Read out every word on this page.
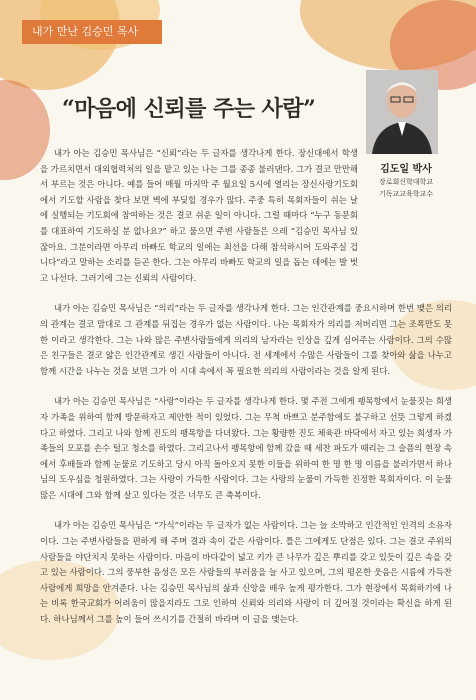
내가 만난 김승민 목사
“마음에 신뢰를 주는 사람”
김도일 박사
장로회신학대학교
기독교교육학교수

내가 아는 김승민 목사님은 “신뢰”라는 두 글자를 생각나게 한다. 장신대에서 학생을 가르치면서 대외협력처의 일을 맡고 있는 나는 그를 종종 불러댄다. 그가 결코 만만해서 부르는 것은 아니다. 예를 들어 매월 마지막 주 월요일 5시에 열리는 장신사랑기도회에서 기도할 사람을 찾다 보면 벽에 부딪힐 경우가 많다. 주중 특히 목회자들이 쉬는 날에 실행되는 기도회에 참여하는 것은 결코 쉬운 일이 아니다. 그럴 때마다 “누구 동문회를 대표하여 기도하실 분 없나요?” 하고 물으면 주변 사람들은 으레 “김승민 목사님 있잖아요. 그분이라면 아무리 바빠도 학교의 일에는 최선을 다해 참석하시어 도와주실 겁니다”라고 말하는 소리를 듣곤 한다. 그는 아무리 바빠도 학교의 일을 돕는 데에는 발 벗고 나선다. 그러기에 그는 신뢰의 사람이다.

내가 아는 김승민 목사님은 “의리”라는 두 글자를 생각나게 한다. 그는 인간관계를 중요시하며 한번 맺은 의리의 관계는 결코 맘대로 그 관계를 뒤집는 경우가 없는 사람이다. 나는 목회자가 의리를 저버리면 그는 조폭만도 못한 이라고 생각한다. 그는 나와 많은 주변사람들에게 의리의 남자라는 인상을 깊게 심어주는 사람이다. 그의 수많은 친구들은 결코 얇은 인간관계로 생긴 사람들이 아니다. 전 세계에서 수많은 사람들이 그를 찾아와 삶을 나누고 함께 시간을 나누는 것을 보면 그가 이 시대 속에서 꼭 필요한 의리의 사람이라는 것을 알게 된다.

내가 아는 김승민 목사님은 “사랑”이라는 두 글자를 생각나게 한다. 몇 주전 그에게 팽목항에서 눈물짓는 희생자 가족을 위하여 함께 방문하자고 제안한 적이 있었다. 그는 무척 바쁘고 분주함에도 불구하고 선뜻 그렇게 하겠다고 하였다. 그리고 나와 함께 진도의 팽목항을 다녀왔다. 그는 황량한 진도 체육관 바닥에서 자고 있는 희생자 가족들의 모포를 손수 털고 청소를 하였다. 그리고나서 팽목항에 함께 갔을 때 세찬 파도가 때리는 그 슬픔의 현장 속에서 후배들과 함께 눈물로 기도하고 당시 아직 돌아오지 못한 이들을 위하여 한 명 한 명 이름을 불러가면서 하나님의 도우심을 청원하였다. 그는 사랑이 가득한 사람이다. 그는 사랑의 눈물이 가득한 진정한 목회자이다. 이 눈물 많은 시대에 그와 함께 살고 있다는 것은 너무도 큰 축복이다.

내가 아는 김승민 목사님은 “가식”이라는 두 글자가 없는 사람이다. 그는 늘 소박하고 인간적인 인격의 소유자이다. 그는 주변사람들을 편하게 해 주며 결과 속이 같은 사람이다. 틀은 그에게도 단점은 있다. 그는 결코 주위의 사람들을 야단치지 못하는 사람이다. 마음이 바다같이 넓고 키가 큰 나무가 깊은 뿌리를 갖고 있듯이 깊은 속을 갖고 있는 사람이다. 그의 풍부한 음성은 모든 사람들의 부러움을 늘 사고 있으며, 그의 평온한 웃음은 시름에 가득찬 사람에게 희망을 안겨준다. 나는 김승민 목사님의 삶과 신앙을 배우 높게 평가한다. 그가 현장에서 목회하기에 나는 비록 한국교회가 어려움이 많을지라도 그로 인하여 신뢰와 의리와 사랑이 더 깊어질 것이라는 확신을 하게 된다. 하나님께서 그를 높이 들어 쓰시기를 간절히 바라며 이 글을 맺는다.
